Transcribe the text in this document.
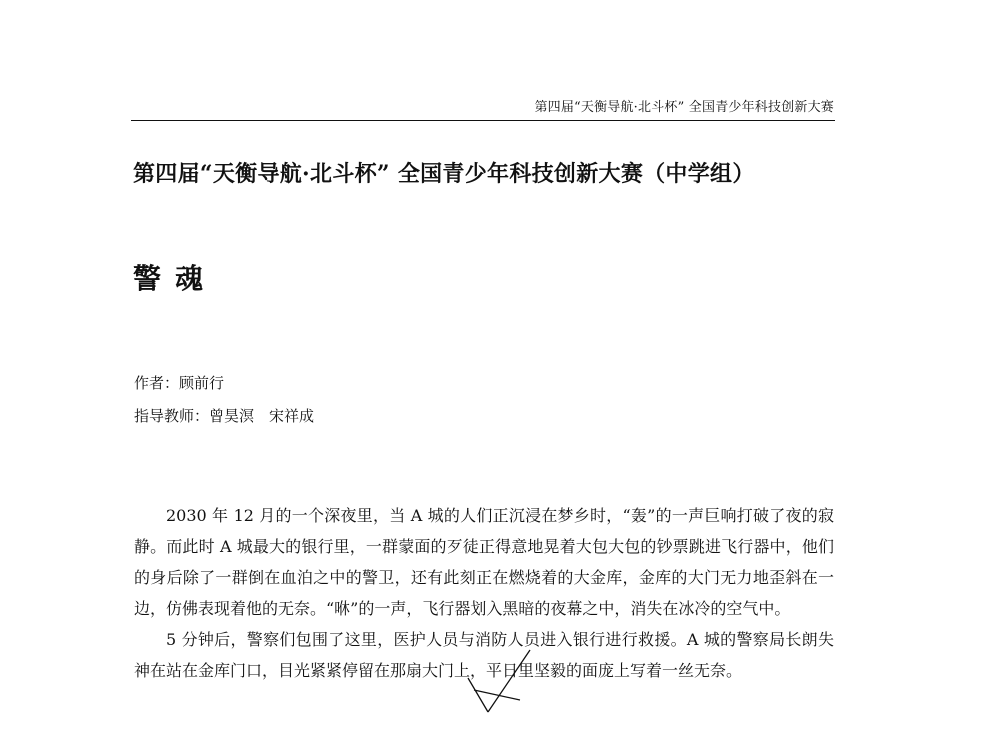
第四届“天衡导航·北斗杯” 全国青少年科技创新大赛
第四届“天衡导航·北斗杯” 全国青少年科技创新大赛（中学组）
警魂
作者：顾前行
指导教师：曾昊溟　宋祥成

2030 年 12 月的一个深夜里，当 A 城的人们正沉浸在梦乡时，“轰”的一声巨响打破了夜的寂静。而此时 A 城最大的银行里，一群蒙面的歹徒正得意地晃着大包大包的钞票跳进飞行器中，他们的身后除了一群倒在血泊之中的警卫，还有此刻正在燃烧着的大金库，金库的大门无力地歪斜在一边，仿佛表现着他的无奈。“咻”的一声，飞行器划入黑暗的夜幕之中，消失在冰冷的空气中。

5 分钟后，警察们包围了这里，医护人员与消防人员进入银行进行救援。A 城的警察局长朗失神在站在金库门口，目光紧紧停留在那扇大门上，平日里坚毅的面庞上写着一丝无奈。
